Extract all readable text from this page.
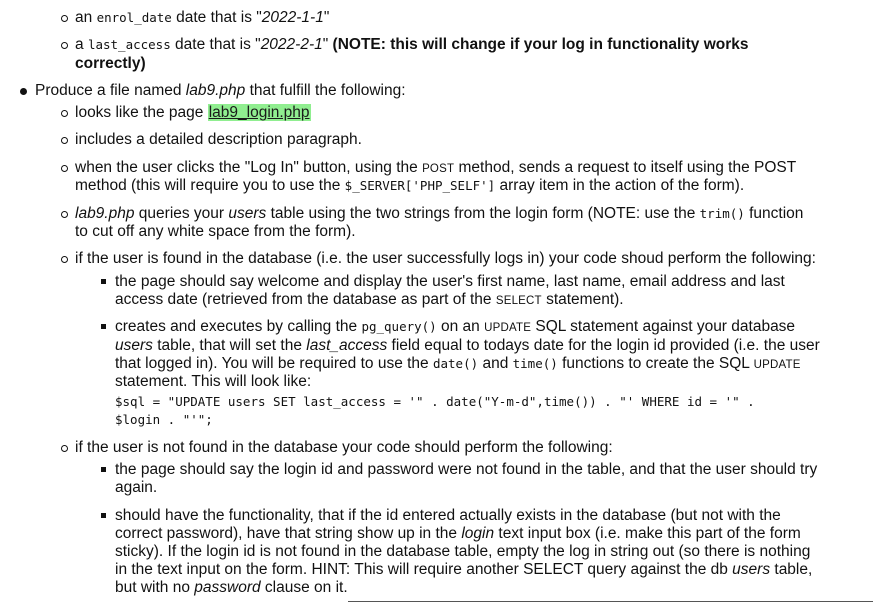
an enrol_date date that is "2022-1-1"
a last_access date that is "2022-2-1" (NOTE: this will change if your log in functionality works
correctly)
Produce a file named lab9.php that fulfill the following:
looks like the page lab9_login.php
includes a detailed description paragraph.
when the user clicks the "Log In" button, using the POST method, sends a request to itself using the POST
method (this will require you to use the $_SERVER['PHP_SELF'] array item in the action of the form).
lab9.php queries your users table using the two strings from the login form (NOTE: use the trim() function
to cut off any white space from the form).
if the user is found in the database (i.e. the user successfully logs in) your code shoud perform the following:
the page should say welcome and display the user's first name, last name, email address and last
access date (retrieved from the database as part of the SELECT statement).
creates and executes by calling the pg_query() on an UPDATE SQL statement against your database
users table, that will set the last_access field equal to todays date for the login id provided (i.e. the user
that logged in). You will be required to use the date() and time() functions to create the SQL UPDATE
statement. This will look like:
$sql = "UPDATE users SET last_access = '" . date("Y-m-d",time()) . "' WHERE id = '" .
$login . "'";
if the user is not found in the database your code should perform the following:
the page should say the login id and password were not found in the table, and that the user should try
again.
should have the functionality, that if the id entered actually exists in the database (but not with the
correct password), have that string show up in the login text input box (i.e. make this part of the form
sticky). If the login id is not found in the database table, empty the log in string out (so there is nothing
in the text input on the form. HINT: This will require another SELECT query against the db users table,
but with no password clause on it.
